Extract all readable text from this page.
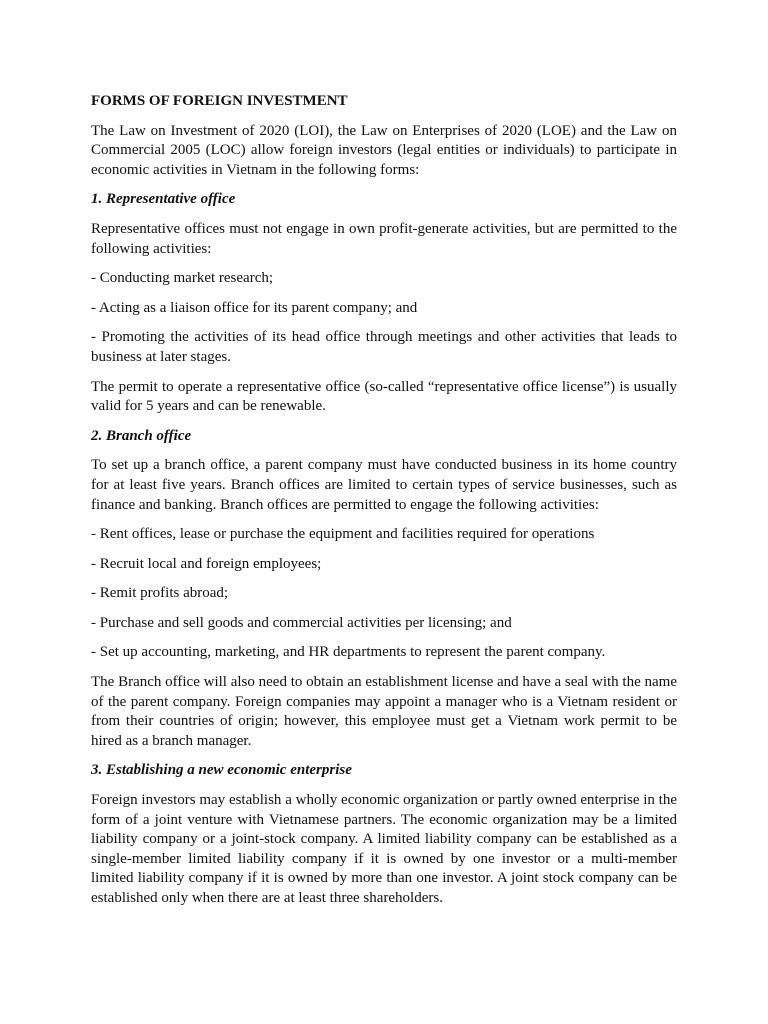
FORMS OF FOREIGN INVESTMENT

The Law on Investment of 2020 (LOI), the Law on Enterprises of 2020 (LOE) and the Law on Commercial 2005 (LOC) allow foreign investors (legal entities or individuals) to participate in economic activities in Vietnam in the following forms:

1. Representative office

Representative offices must not engage in own profit-generate activities, but are permitted to the following activities:

- Conducting market research;

- Acting as a liaison office for its parent company; and

- Promoting the activities of its head office through meetings and other activities that leads to business at later stages.

The permit to operate a representative office (so-called “representative office license”) is usually valid for 5 years and can be renewable.

2. Branch office

To set up a branch office, a parent company must have conducted business in its home country for at least five years. Branch offices are limited to certain types of service businesses, such as finance and banking. Branch offices are permitted to engage the following activities:

- Rent offices, lease or purchase the equipment and facilities required for operations

- Recruit local and foreign employees;

- Remit profits abroad;

- Purchase and sell goods and commercial activities per licensing; and

- Set up accounting, marketing, and HR departments to represent the parent company.

The Branch office will also need to obtain an establishment license and have a seal with the name of the parent company. Foreign companies may appoint a manager who is a Vietnam resident or from their countries of origin; however, this employee must get a Vietnam work permit to be hired as a branch manager.

3. Establishing a new economic enterprise

Foreign investors may establish a wholly economic organization or partly owned enterprise in the form of a joint venture with Vietnamese partners. The economic organization may be a limited liability company or a joint-stock company. A limited liability company can be established as a single-member limited liability company if it is owned by one investor or a multi-member limited liability company if it is owned by more than one investor. A joint stock company can be established only when there are at least three shareholders.
